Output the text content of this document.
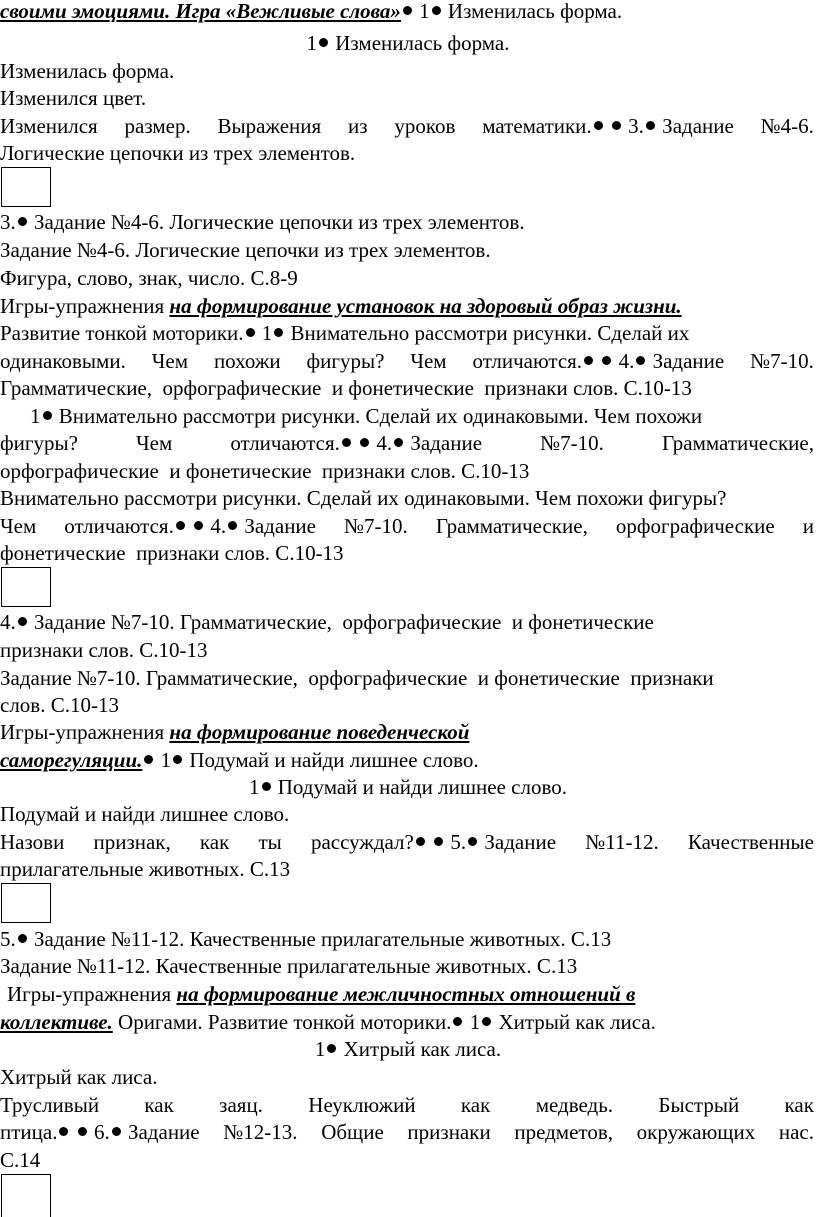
своими эмоциями. Игра «Вежливые слова» 1 Изменилась форма.
1 Изменилась форма.
Изменилась форма.
Изменился цвет.
Изменился размер. Выражения из уроков математики.  3. Задание №4-6.
Логические цепочки из трех элементов.
3. Задание №4-6. Логические цепочки из трех элементов.
Задание №4-6. Логические цепочки из трех элементов.
Фигура, слово, знак, число. С.8-9
Игры-упражнения на формирование установок на здоровый образ жизни.
Развитие тонкой моторики. 1 Внимательно рассмотри рисунки. Сделай их
одинаковыми. Чем похожи фигуры? Чем отличаются.  4. Задание №7-10.
Грамматические,  орфографические  и фонетические  признаки слов. С.10-13
1 Внимательно рассмотри рисунки. Сделай их одинаковыми. Чем похожи
фигуры?	Чем	отличаются.  4. Задание	№7-10.	Грамматические,
орфографические  и фонетические  признаки слов. С.10-13
Внимательно рассмотри рисунки. Сделай их одинаковыми. Чем похожи фигуры?
Чем отличаются.  4. Задание №7-10. Грамматические, орфографические и
фонетические  признаки слов. С.10-13
4. Задание №7-10. Грамматические,  орфографические  и фонетические
признаки слов. С.10-13
Задание №7-10. Грамматические,  орфографические  и фонетические  признаки
слов. С.10-13
Игры-упражнения на формирование поведенческой
саморегуляции. 1 Подумай и найди лишнее слово.
1 Подумай и найди лишнее слово.
Подумай и найди лишнее слово.
Назови признак, как ты рассуждал?  5. Задание №11-12. Качественные
прилагательные животных. С.13
5. Задание №11-12. Качественные прилагательные животных. С.13
Задание №11-12. Качественные прилагательные животных. С.13
Игры-упражнения на формирование межличностных отношений в
коллективе. Оригами. Развитие тонкой моторики. 1 Хитрый как лиса.
1 Хитрый как лиса.
Хитрый как лиса.
Трусливый как заяц. Неуклюжий как медведь. Быстрый как
птица.  6. Задание №12-13. Общие признаки предметов, окружающих нас.
С.14
